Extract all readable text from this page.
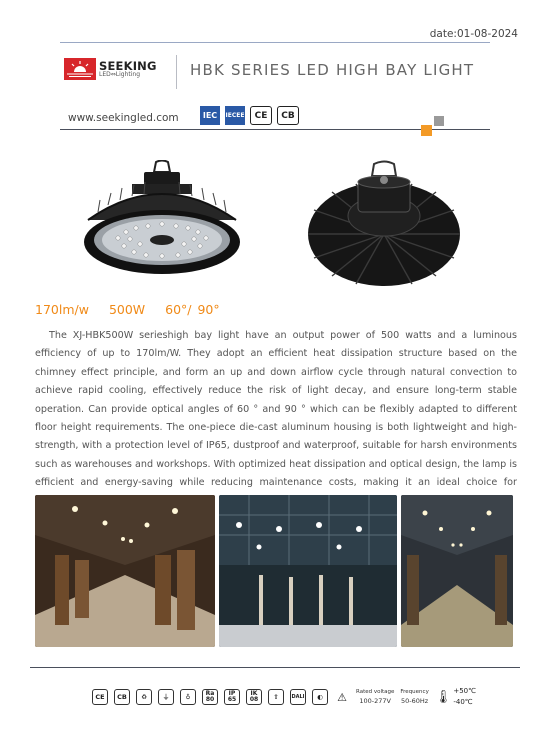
date:01-08-2024
SEEKING
LED⇔Lighting	HBK SERIES LED HIGH BAY LIGHT
www.seekingled.com	IEC	IECEE	CE	CB
170lm/w 500W 60°/ 90°
The XJ-HBK500W serieshigh bay light have an output power of 500 watts and a luminous efficiency of up to 170lm/W. They adopt an efficient heat dissipation structure based on the chimney effect principle, and form an up and down airflow cycle through natural convection to achieve rapid cooling, effectively reduce the risk of light decay, and ensure long-term stable operation. Can provide optical angles of 60 ° and 90 ° which can be flexibly adapted to different floor height requirements. The one-piece die-cast aluminum housing is both lightweight and high-strength, with a protection level of IP65, dustproof and waterproof, suitable for harsh environments such as warehouses and workshops. With optimized heat dissipation and optical design, the lamp is efficient and energy-saving while reducing maintenance costs, making it an ideal choice for
CE	CB	♻	⏚	♁	Ra
80
IP
65
IK
08	⇧	DALI	◐	⚠	Rated voltage
100-277V
Frequency
50-60Hz 🌡 +50℃
-40℃
